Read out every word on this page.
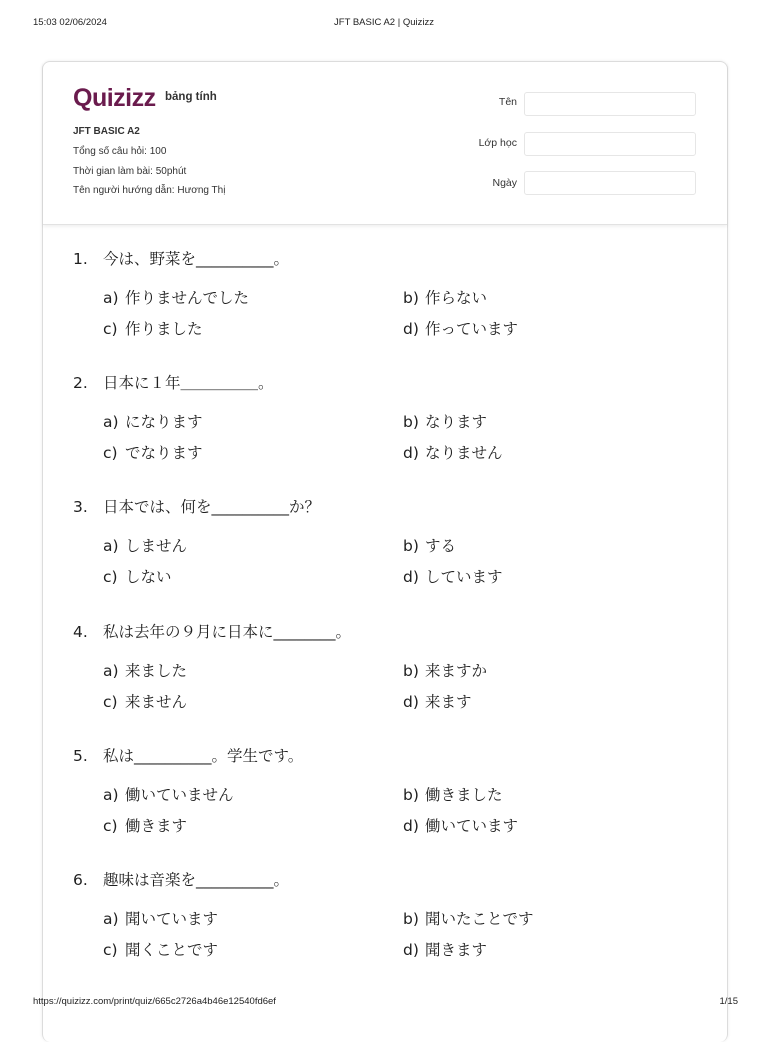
15:03 02/06/2024	JFT BASIC A2 | Quizizz
Quizizz bảng tính
JFT BASIC A2
Tổng số câu hỏi: 100
Thời gian làm bài: 50phút
Tên người hướng dẫn: Hương Thị
Tên
Lớp học
Ngày
1. 今は、野菜を__________。
a) 作りませんでした	b) 作らない
c) 作りました	d) 作っています
2. 日本に１年＿＿＿＿＿。
a) になります	b) なります
c) でなります	d) なりません
3. 日本では、何を__________か？
a) しません	b) する
c) しない	d) しています
4. 私は去年の９月に日本に________。
a) 来ました	b) 来ますか
c) 来ません	d) 来ます
5. 私は__________。学生です。
a) 働いていません	b) 働きました
c) 働きます	d) 働いています
6. 趣味は音楽を__________。
a) 聞いています	b) 聞いたことです
c) 聞くことです	d) 聞きます
https://quizizz.com/print/quiz/665c2726a4b46e12540fd6ef	1/15
